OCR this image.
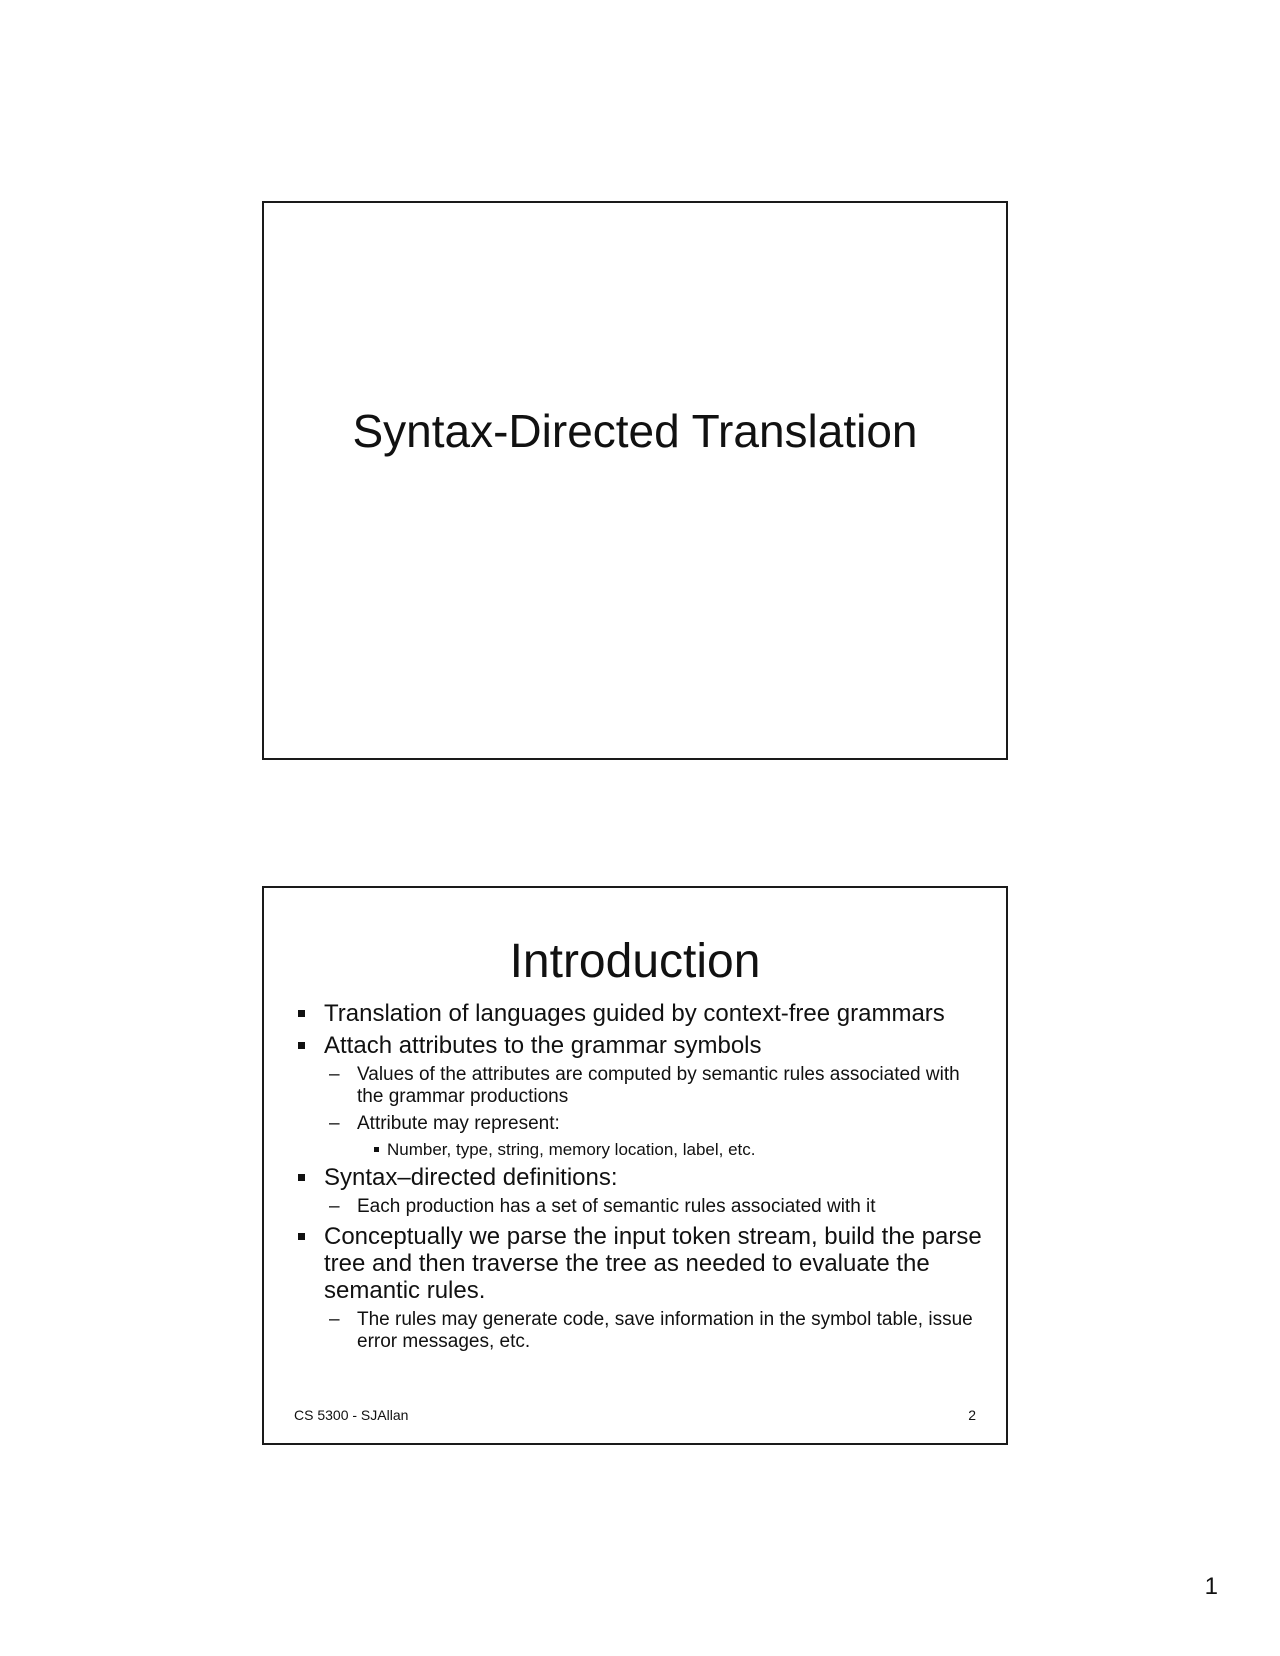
Syntax-Directed Translation
Introduction
Translation of languages guided by context-free grammars
Attach attributes to the grammar symbols
– Values of the attributes are computed by semantic rules associated with the grammar productions
– Attribute may represent:
Number, type, string, memory location, label, etc.
Syntax–directed definitions:
– Each production has a set of semantic rules associated with it
Conceptually we parse the input token stream, build the parse tree and then traverse the tree as needed to evaluate the semantic rules.
– The rules may generate code, save information in the symbol table, issue error messages, etc.
CS 5300 - SJAllan	2
1
